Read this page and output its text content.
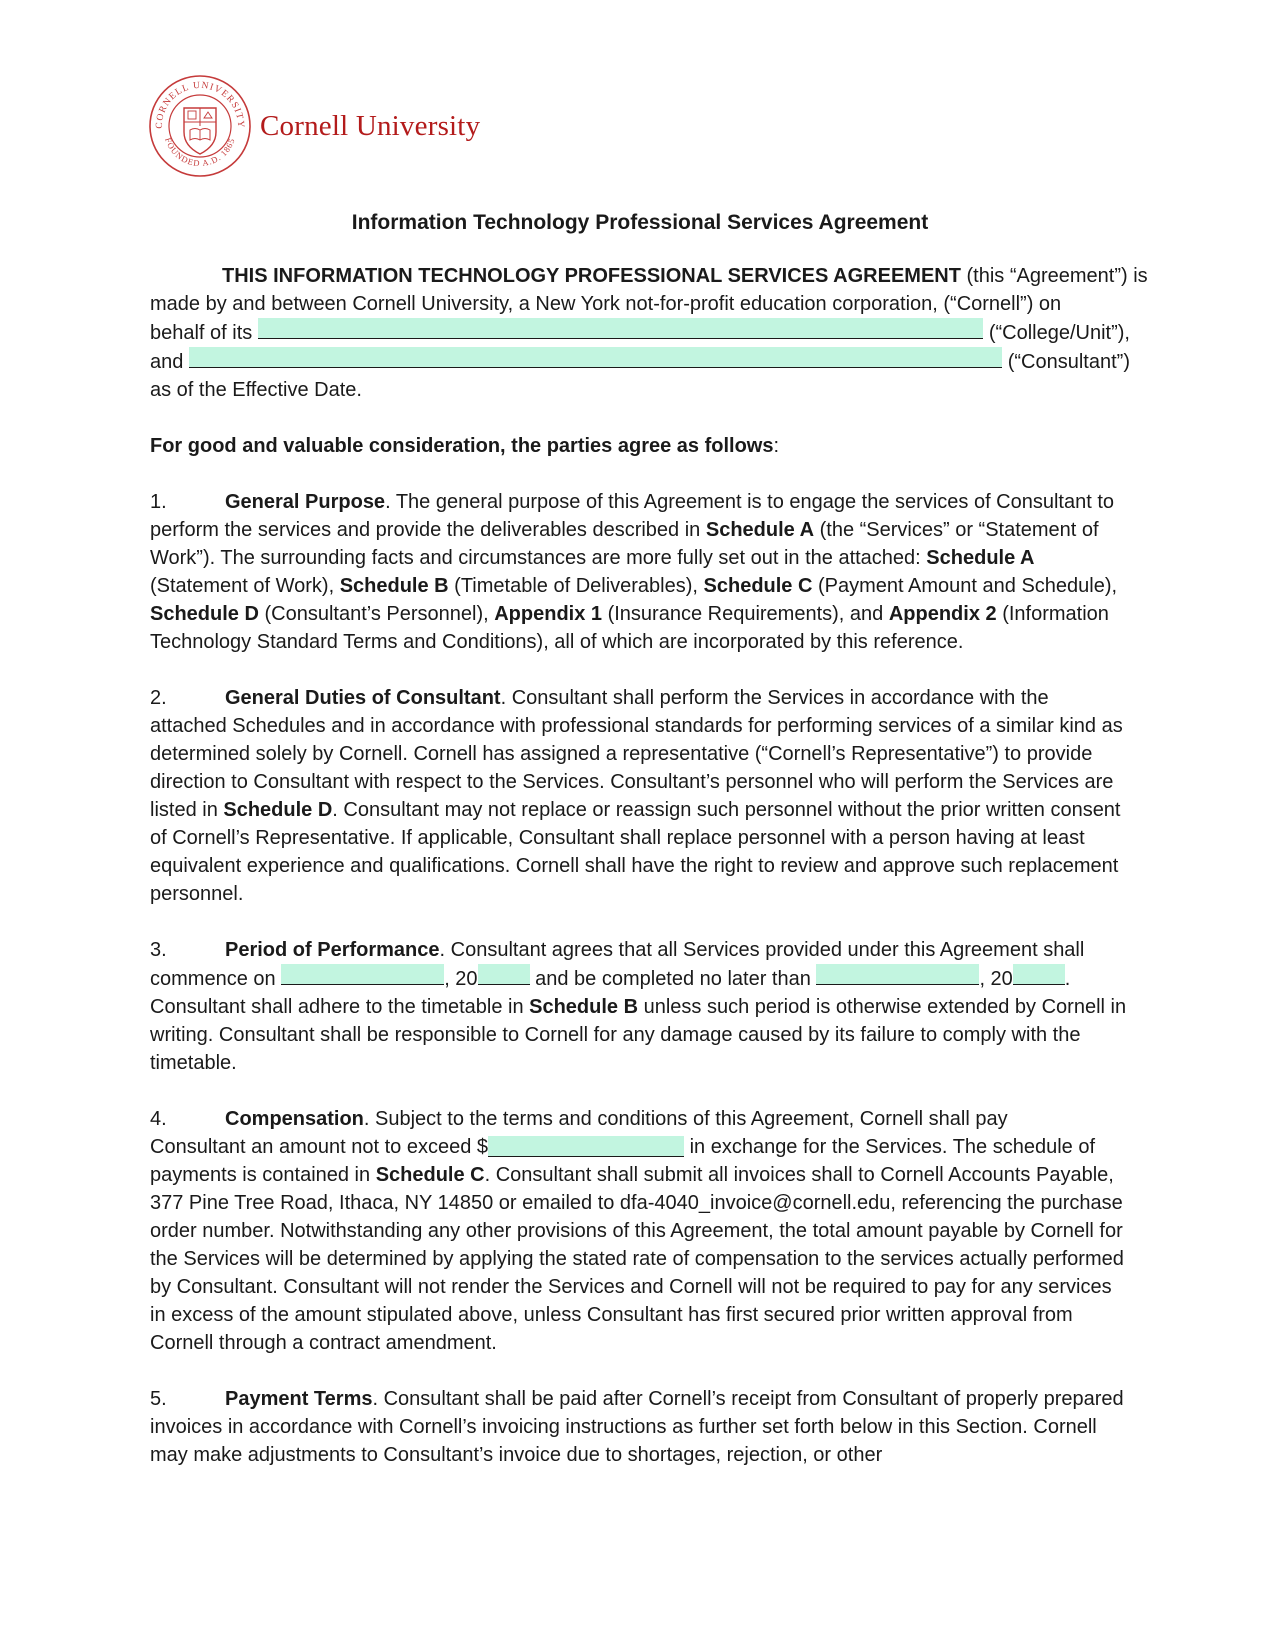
CORNELL UNIVERSITY
FOUNDED A.D. 1865 Cornell University
Information Technology Professional Services Agreement

THIS INFORMATION TECHNOLOGY PROFESSIONAL SERVICES AGREEMENT (this “Agreement”) is
made by and between Cornell University, a New York not-for-profit education corporation, (“Cornell”) on
behalf of its	(“College/Unit”),
and	(“Consultant”)
as of the Effective Date.

For good and valuable consideration, the parties agree as follows:

1.	General Purpose. The general purpose of this Agreement is to engage the services of Consultant to perform the services and provide the deliverables described in Schedule A (the “Services” or “Statement of Work”). The surrounding facts and circumstances are more fully set out in the attached: Schedule A (Statement of Work), Schedule B (Timetable of Deliverables), Schedule C (Payment Amount and Schedule), Schedule D (Consultant’s Personnel), Appendix 1 (Insurance Requirements), and Appendix 2 (Information Technology Standard Terms and Conditions), all of which are incorporated by this reference.

2.	General Duties of Consultant. Consultant shall perform the Services in accordance with the attached Schedules and in accordance with professional standards for performing services of a similar kind as determined solely by Cornell. Cornell has assigned a representative (“Cornell’s Representative”) to provide direction to Consultant with respect to the Services. Consultant’s personnel who will perform the Services are listed in Schedule D. Consultant may not replace or reassign such personnel without the prior written consent of Cornell’s Representative. If applicable, Consultant shall replace personnel with a person having at least equivalent experience and qualifications. Cornell shall have the right to review and approve such replacement personnel.

3.	Period of Performance. Consultant agrees that all Services provided under this Agreement shall
commence on
	, 20
	and be completed no later than
	, 20	.
Consultant shall adhere to the timetable in Schedule B unless such period is otherwise extended by Cornell in writing. Consultant shall be responsible to Cornell for any damage caused by its failure to comply with the timetable.

4.	Compensation. Subject to the terms and conditions of this Agreement, Cornell shall pay
Consultant an amount not to exceed $	in exchange for the Services. The schedule of payments is contained in Schedule C. Consultant shall submit all invoices shall to Cornell Accounts Payable, 377 Pine Tree Road, Ithaca, NY 14850 or emailed to dfa-4040_invoice@cornell.edu, referencing the purchase order number. Notwithstanding any other provisions of this Agreement, the total amount payable by Cornell for the Services will be determined by applying the stated rate of compensation to the services actually performed by Consultant. Consultant will not render the Services and Cornell will not be required to pay for any services in excess of the amount stipulated above, unless Consultant has first secured prior written approval from Cornell through a contract amendment.

5.	Payment Terms. Consultant shall be paid after Cornell’s receipt from Consultant of properly prepared invoices in accordance with Cornell’s invoicing instructions as further set forth below in this Section. Cornell may make adjustments to Consultant’s invoice due to shortages, rejection, or other
